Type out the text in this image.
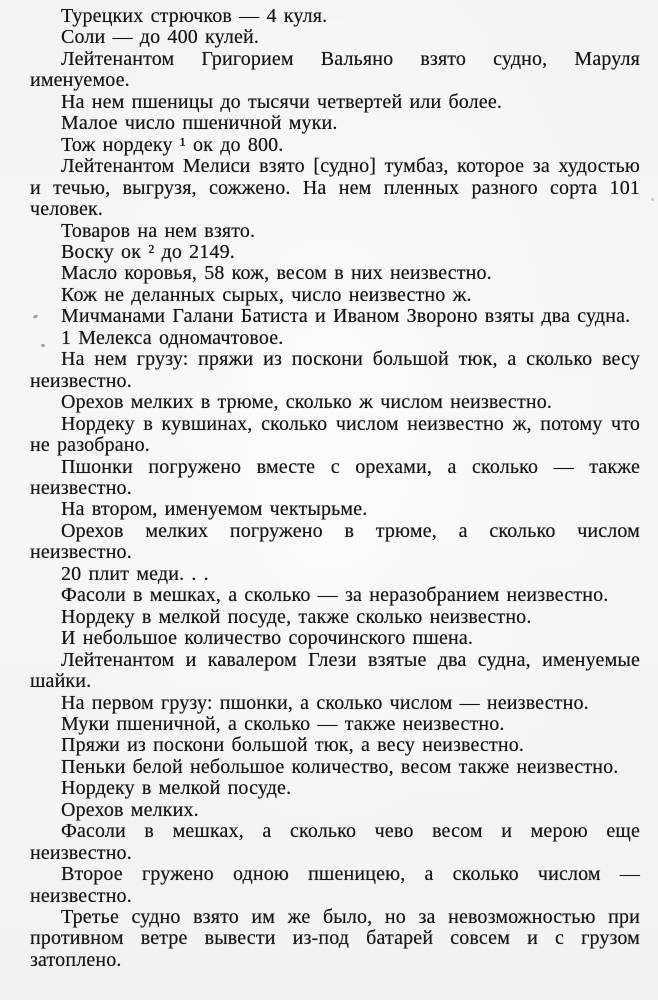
Турецких стрючков — 4 куля.

Соли — до 400 кулей.

Лейтенантом Григорием Вальяно взято судно, Маруля именуемое.

На нем пшеницы до тысячи четвертей или более.

Малое число пшеничной муки.

Тож нордеку ¹ ок до 800.

Лейтенантом Мелиси взято [судно] тумбаз, которое за худостью и течью, выгрузя, сожжено. На нем пленных разного сорта 101 человек.

Товаров на нем взято.

Воску ок ² до 2149.

Масло коровья, 58 кож, весом в них неизвестно.

Кож не деланных сырых, число неизвестно ж.

Мичманами Галани Батиста и Иваном Звороно взяты два судна.

1 Мелекса одномачтовое.

На нем грузу: пряжи из поскони большой тюк, а сколько весу неизвестно.

Орехов мелких в трюме, сколько ж числом неизвестно.

Нордеку в кувшинах, сколько числом неизвестно ж, потому что не разобрано.

Пшонки погружено вместе с орехами, а сколько — также неизвестно.

На втором, именуемом чектырьме.

Орехов мелких погружено в трюме, а сколько числом неизвестно.

20 плит меди. . .

Фасоли в мешках, а сколько — за неразобранием неизвестно.

Нордеку в мелкой посуде, также сколько неизвестно.

И небольшое количество сорочинского пшена.

Лейтенантом и кавалером Глези взятые два судна, именуемые шайки.

На первом грузу: пшонки, а сколько числом — неизвестно.

Муки пшеничной, а сколько — также неизвестно.

Пряжи из поскони большой тюк, а весу неизвестно.

Пеньки белой небольшое количество, весом также неизвестно.

Нордеку в мелкой посуде.

Орехов мелких.

Фасоли в мешках, а сколько чево весом и мерою еще неизвестно.

Второе гружено одною пшеницею, а сколько числом — неизвестно.

Третье судно взято им же было, но за невозможностью при противном ветре вывести из-под батарей совсем и с грузом затоплено.
